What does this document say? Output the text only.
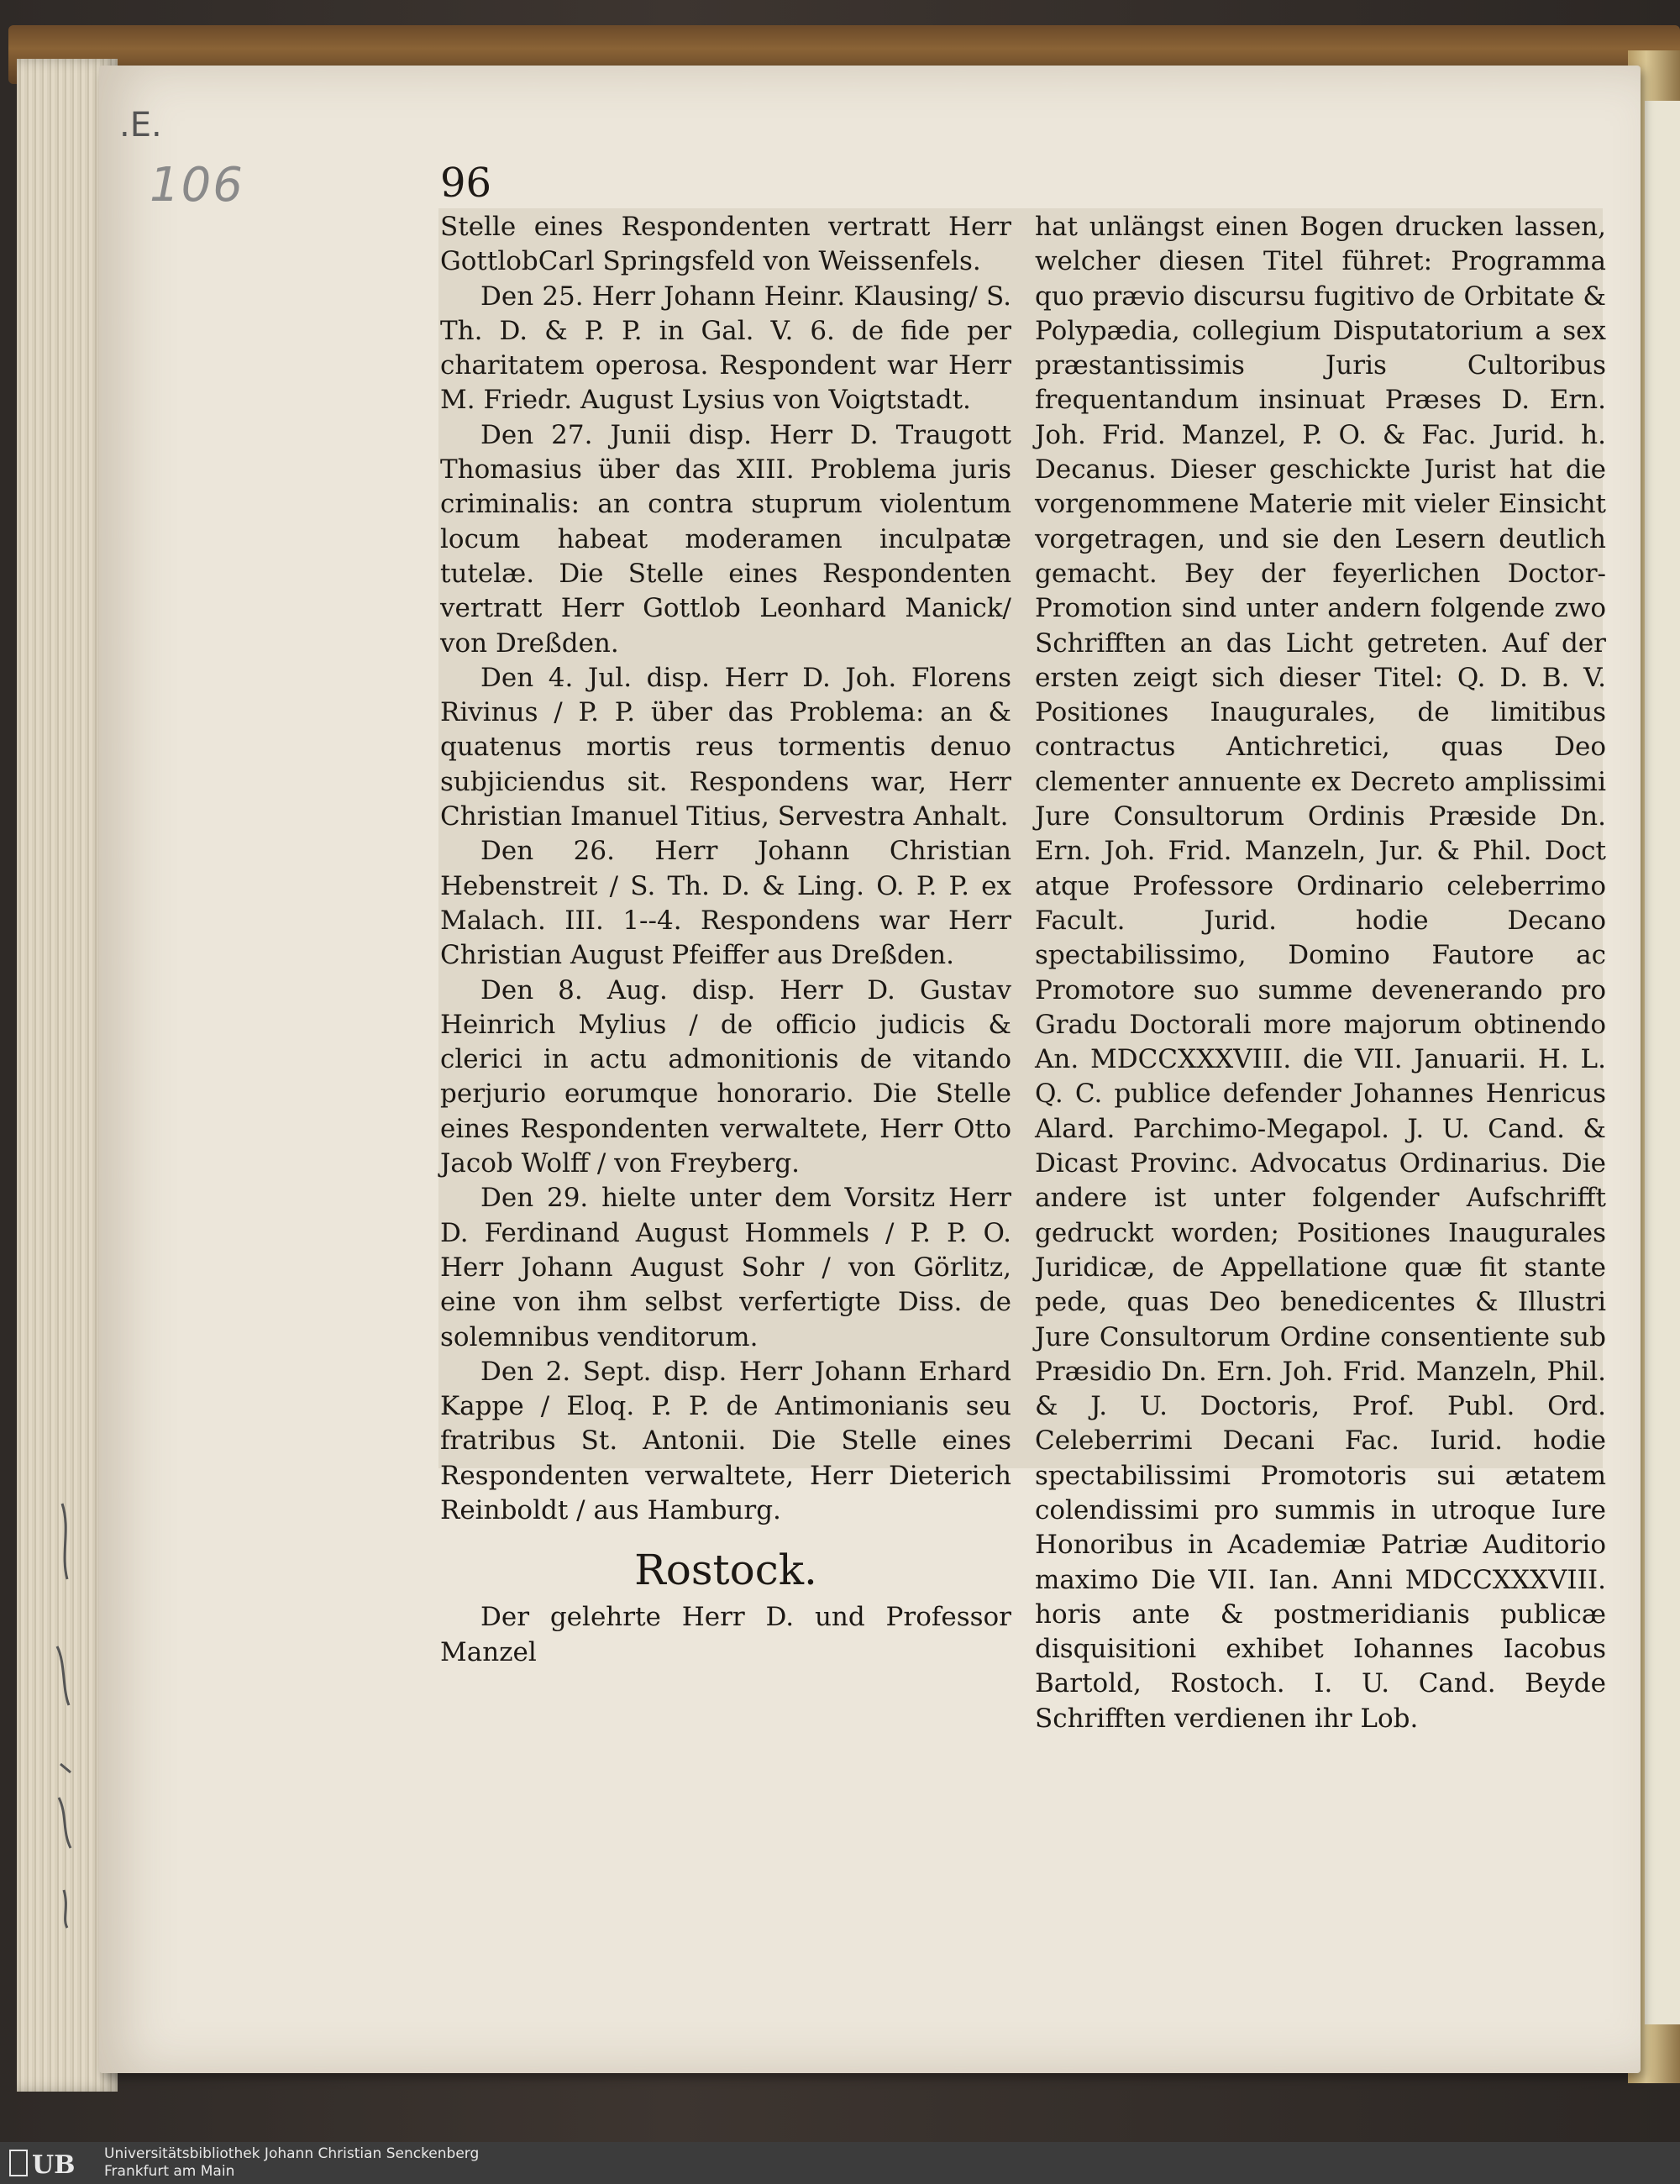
.E.
106	96

Stelle eines Respondenten vertratt Herr GottlobCarl Springsfeld von Weissenfels.

Den 25. Herr Johann Heinr. Klausing/ S. Th. D. & P. P. in Gal. V. 6. de fide per charitatem operosa. Respondent war Herr M. Friedr. August Lysius von Voigtstadt.

Den 27. Junii disp. Herr D. Traugott Thomasius über das XIII. Problema juris criminalis: an contra stuprum violentum locum habeat moderamen inculpatæ tutelæ. Die Stelle eines Respondenten vertratt Herr Gottlob Leonhard Manick/ von Dreßden.

Den 4. Jul. disp. Herr D. Joh. Florens Rivinus / P. P. über das Problema: an & quatenus mortis reus tormentis denuo subjiciendus sit. Respondens war, Herr Christian Imanuel Titius, Servestra Anhalt.

Den 26. Herr Johann Christian Hebenstreit / S. Th. D. & Ling. O. P. P. ex Malach. III. 1--4. Respondens war Herr Christian August Pfeiffer aus Dreßden.

Den 8. Aug. disp. Herr D. Gustav Heinrich Mylius / de officio judicis & clerici in actu admonitionis de vitando perjurio eorumque honorario. Die Stelle eines Respondenten verwaltete, Herr Otto Jacob Wolff / von Freyberg.

Den 29. hielte unter dem Vorsitz Herr D. Ferdinand August Hommels / P. P. O. Herr Johann August Sohr / von Görlitz, eine von ihm selbst verfertigte Diss. de solemnibus venditorum.

Den 2. Sept. disp. Herr Johann Erhard Kappe / Eloq. P. P. de Antimonianis seu fratribus St. Antonii. Die Stelle eines Respondenten verwaltete, Herr Dieterich Reinboldt / aus Hamburg.

Rostock.

Der gelehrte Herr D. und Professor Manzel

hat unlängst einen Bogen drucken lassen, welcher diesen Titel führet: Programma quo prævio discursu fugitivo de Orbitate & Polypædia, collegium Disputatorium a sex præstantissimis Juris Cultoribus frequentandum insinuat Præses D. Ern. Joh. Frid. Manzel, P. O. & Fac. Jurid. h. Decanus. Dieser geschickte Jurist hat die vorgenommene Materie mit vieler Einsicht vorgetragen, und sie den Lesern deutlich gemacht. Bey der feyerlichen Doctor-Promotion sind unter andern folgende zwo Schrifften an das Licht getreten. Auf der ersten zeigt sich dieser Titel: Q. D. B. V. Positiones Inaugurales, de limitibus contractus Antichretici, quas Deo clementer annuente ex Decreto amplissimi Jure Consultorum Ordinis Præside Dn. Ern. Joh. Frid. Manzeln, Jur. & Phil. Doct atque Professore Ordinario celeberrimo Facult. Jurid. hodie Decano spectabilissimo, Domino Fautore ac Promotore suo summe devenerando pro Gradu Doctorali more majorum obtinendo An. MDCCXXXVIII. die VII. Januarii. H. L. Q. C. publice defender Johannes Henricus Alard. Parchimo-Megapol. J. U. Cand. & Dicast Provinc. Advocatus Ordinarius. Die andere ist unter folgender Aufschrifft gedruckt worden; Positiones Inaugurales Juridicæ, de Appellatione quæ fit stante pede, quas Deo benedicentes & Illustri Jure Consultorum Ordine consentiente sub Præsidio Dn. Ern. Joh. Frid. Manzeln, Phil. & J. U. Doctoris, Prof. Publ. Ord. Celeberrimi Decani Fac. Iurid. hodie spectabilissimi Promotoris sui ætatem colendissimi pro summis in utroque Iure Honoribus in Academiæ Patriæ Auditorio maximo Die VII. Ian. Anni MDCCXXXVIII. horis ante & postmeridianis publicæ disquisitioni exhibet Iohannes Iacobus Bartold, Rostoch. I. U. Cand. Beyde Schrifften verdienen ihr Lob.

UB Universitätsbibliothek Johann Christian Senckenberg
Frankfurt am Main
